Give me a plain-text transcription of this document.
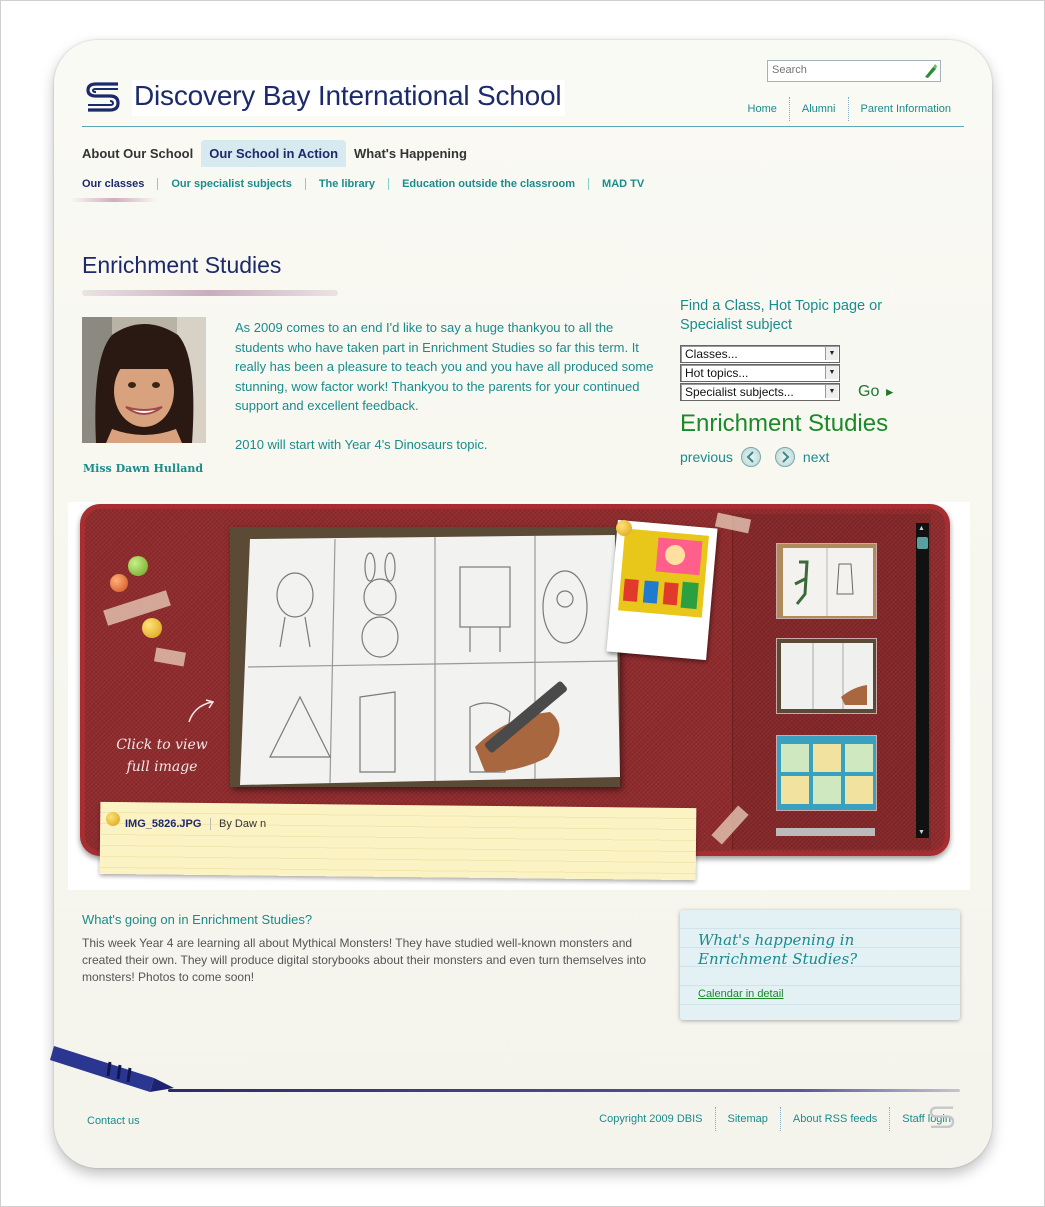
Discovery Bay International School
Search	Home	Alumni	Parent Information
About Our School	Our School in Action	What's Happening
Our classes	Our specialist subjects	The library	Education outside the classroom	MAD TV
Enrichment Studies
Miss Dawn Hulland

As 2009 comes to an end I'd like to say a huge thankyou to all the students who have taken part in Enrichment Studies so far this term. It really has been a pleasure to teach you and you have all produced some stunning, wow factor work! Thankyou to the parents for your continued support and excellent feedback.

2010 will start with Year 4's Dinosaurs topic.

Find a Class, Hot Topic page or Specialist subject
Classes...	▼
Hot topics...	▼
Specialist subjects...	▼ Go ►
Enrichment Studies
previous	next
Click to view full image
▲
▼
IMG_5826.JPG	By Daw n
What's going on in Enrichment Studies?
This week Year 4 are learning all about Mythical Monsters! They have studied well-known monsters and created their own. They will produce digital storybooks about their monsters and even turn themselves into monsters! Photos to come soon!
What's happening in Enrichment Studies?
Calendar in detail
Contact us	Copyright 2009 DBIS	Sitemap	About RSS feeds	Staff login
